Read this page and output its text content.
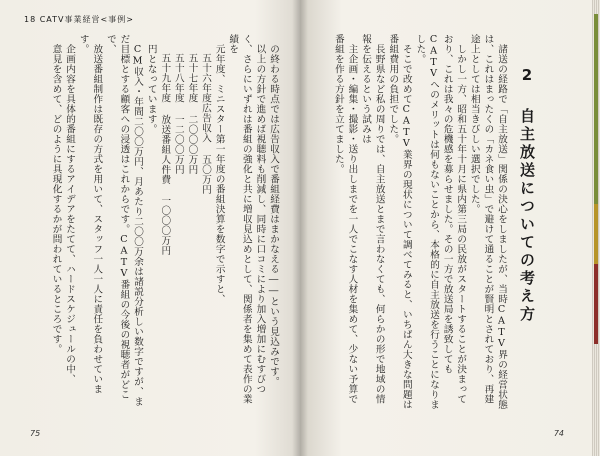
18 CATV事業経営<事例>

の終わる時点では広告収入で番組経費はまかなえる――という見込みです。

以上の方針で進めば視聴料も削減し、同時に口コミにより加入増加にむすびつく、さらにいずれは番組の強化と共に増収見込めとして、関係者を集めて表作の業績を

元年度、ミニスター第一年度の番組決算を数字で示すと、

五十六年度広告収入 五〇万円

五十七年度 二〇〇〇万円

五十八年度 一二〇〇万円

五十九年度 放送番組人件費 一〇〇〇万円

円となっています。

CM収入・年間二〇〇万円、月あたり二〇〇万余は諸説分析しい数字ですが、まだ目標とする顧客への浸透はこれからです。CATV番組の今後の視聴者がどこで、

放送番組制作は既存の方式を用いて、スタッフ一人一人に責任を負わせています。

企画内容を具体的番組にするアイデアをたてて、ハードスケジュールの中、

意見を含めて、どのように具現化するかが問われているところです。

75	74

諸送の経路で「自主放送」関係の決心をしましたが、当時CATV界の経営状態は、これはまったくの「カネ食い虫」で避けて通ることが賢明とされており、再建途上としては相当きびしい選択でした。

しかし一方、昭和五十年十月に県内第三局の民放がスタートすることが決まっており、これは我々の危機感を募らせました。その一方で放送局を誘致してもCATVへのメリットは何もないことから、本格的に自主放送を行うことになりました。

そこで改めてCATV業界の現状について調べてみると、いちばん大きな問題は番組費用の負担でした。

長野県など私の周りでは、自主放送とまで言わなくても、何らかの形で地域の情報を伝えるという試みは

主企画・編集・撮影・送り出しまでを一人でこなす人材を集めて、少ない予算で番組を作る方針を立てました。	2 自主放送についての考え方
